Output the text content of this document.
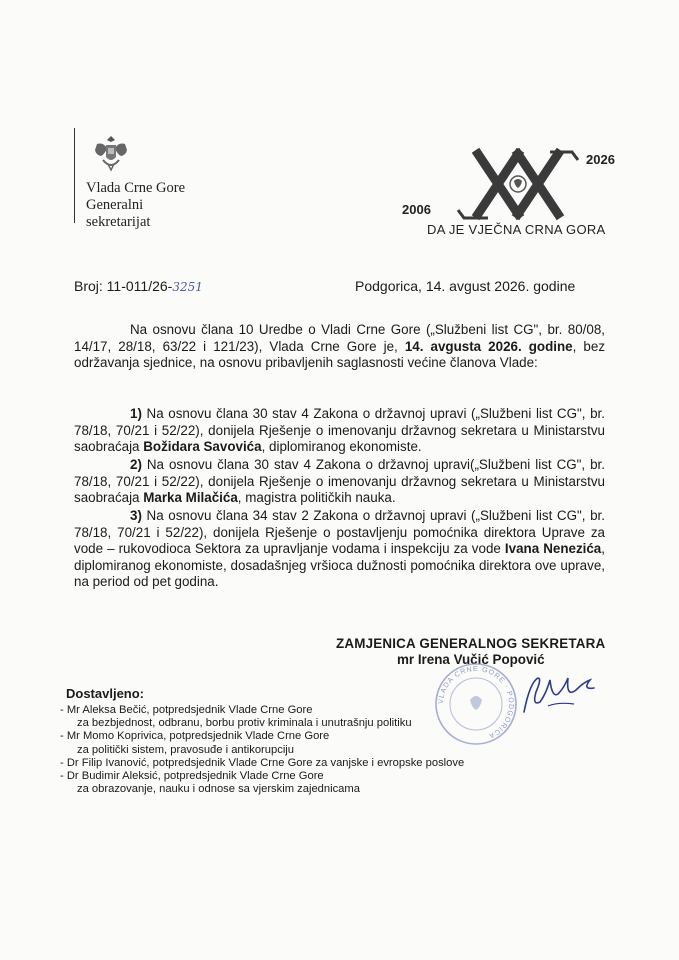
Vlada Crne Gore
Generalni
sekretarijat
2006
2026
DA JE VJEČNA CRNA GORA
Broj: 11-011/26-3251	Podgorica, 14. avgust 2026. godine
Na osnovu člana 10 Uredbe o Vladi Crne Gore („Službeni list CG", br. 80/08, 14/17, 28/18, 63/22 i 121/23), Vlada Crne Gore je, 14. avgusta 2026. godine, bez održavanja sjednice, na osnovu pribavljenih saglasnosti većine članova Vlade:
1) Na osnovu člana 30 stav 4 Zakona o državnoj upravi („Službeni list CG", br. 78/18, 70/21 i 52/22), donijela Rješenje o imenovanju državnog sekretara u Ministarstvu saobraćaja Božidara Savovića, diplomiranog ekonomiste.
2) Na osnovu člana 30 stav 4 Zakona o državnoj upravi(„Službeni list CG", br. 78/18, 70/21 i 52/22), donijela Rješenje o imenovanju državnog sekretara u Ministarstvu saobraćaja Marka Milačića, magistra političkih nauka.
3) Na osnovu člana 34 stav 2 Zakona o državnoj upravi („Službeni list CG", br. 78/18, 70/21 i 52/22), donijela Rješenje o postavljenju pomoćnika direktora Uprave za vode – rukovodioca Sektora za upravljanje vodama i inspekciju za vode Ivana Nenezića, diplomiranog ekonomiste, dosadašnjeg vršioca dužnosti pomoćnika direktora ove uprave, na period od pet godina.
ZAMJENICA GENERALNOG SEKRETARA
mr Irena Vučić Popović
VLADA CRNE GORE · PODGORICA
Dostavljeno:
- Mr Aleksa Bečić, potpredsjednik Vlade Crne Gore
za bezbjednost, odbranu, borbu protiv kriminala i unutrašnju politiku
- Mr Momo Koprivica, potpredsjednik Vlade Crne Gore
za politički sistem, pravosuđe i antikorupciju
- Dr Filip Ivanović, potpredsjednik Vlade Crne Gore za vanjske i evropske poslove
- Dr Budimir Aleksić, potpredsjednik Vlade Crne Gore
za obrazovanje, nauku i odnose sa vjerskim zajednicama
